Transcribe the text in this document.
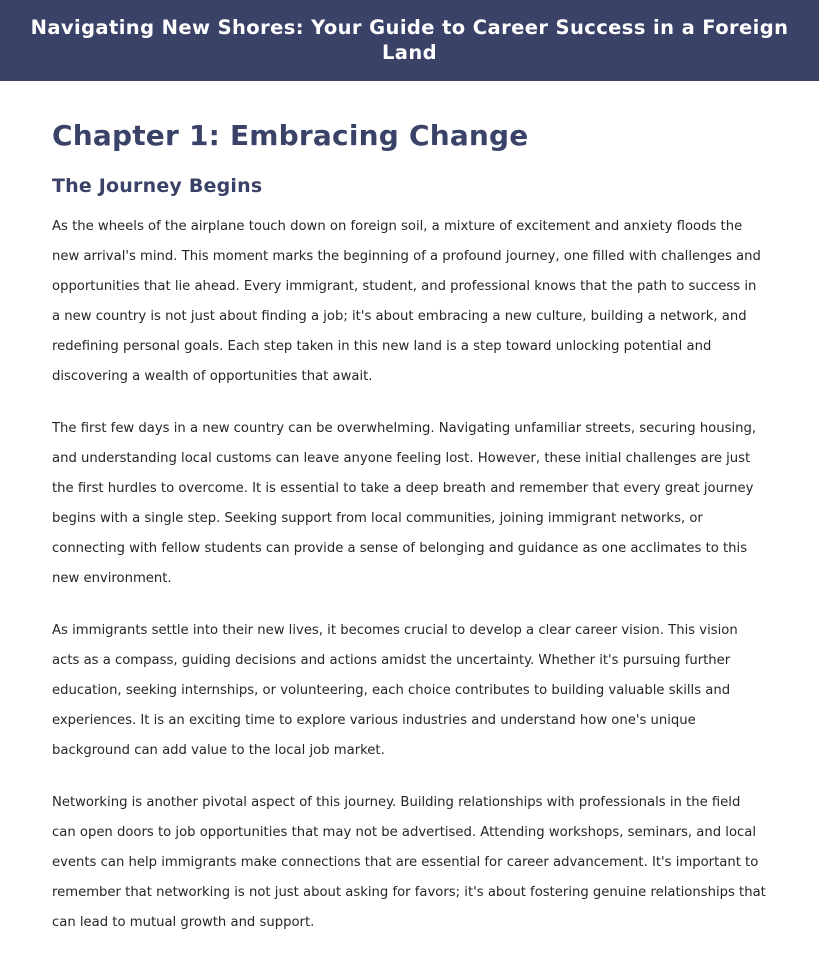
Navigating New Shores: Your Guide to Career Success in a Foreign Land
Chapter 1: Embracing Change
The Journey Begins

As the wheels of the airplane touch down on foreign soil, a mixture of excitement and anxiety floods the new arrival's mind. This moment marks the beginning of a profound journey, one filled with challenges and opportunities that lie ahead. Every immigrant, student, and professional knows that the path to success in a new country is not just about finding a job; it's about embracing a new culture, building a network, and redefining personal goals. Each step taken in this new land is a step toward unlocking potential and discovering a wealth of opportunities that await.

The first few days in a new country can be overwhelming. Navigating unfamiliar streets, securing housing, and understanding local customs can leave anyone feeling lost. However, these initial challenges are just the first hurdles to overcome. It is essential to take a deep breath and remember that every great journey begins with a single step. Seeking support from local communities, joining immigrant networks, or connecting with fellow students can provide a sense of belonging and guidance as one acclimates to this new environment.

As immigrants settle into their new lives, it becomes crucial to develop a clear career vision. This vision acts as a compass, guiding decisions and actions amidst the uncertainty. Whether it's pursuing further education, seeking internships, or volunteering, each choice contributes to building valuable skills and experiences. It is an exciting time to explore various industries and understand how one's unique background can add value to the local job market.

Networking is another pivotal aspect of this journey. Building relationships with professionals in the field can open doors to job opportunities that may not be advertised. Attending workshops, seminars, and local events can help immigrants make connections that are essential for career advancement. It's important to remember that networking is not just about asking for favors; it's about fostering genuine relationships that can lead to mutual growth and support.
